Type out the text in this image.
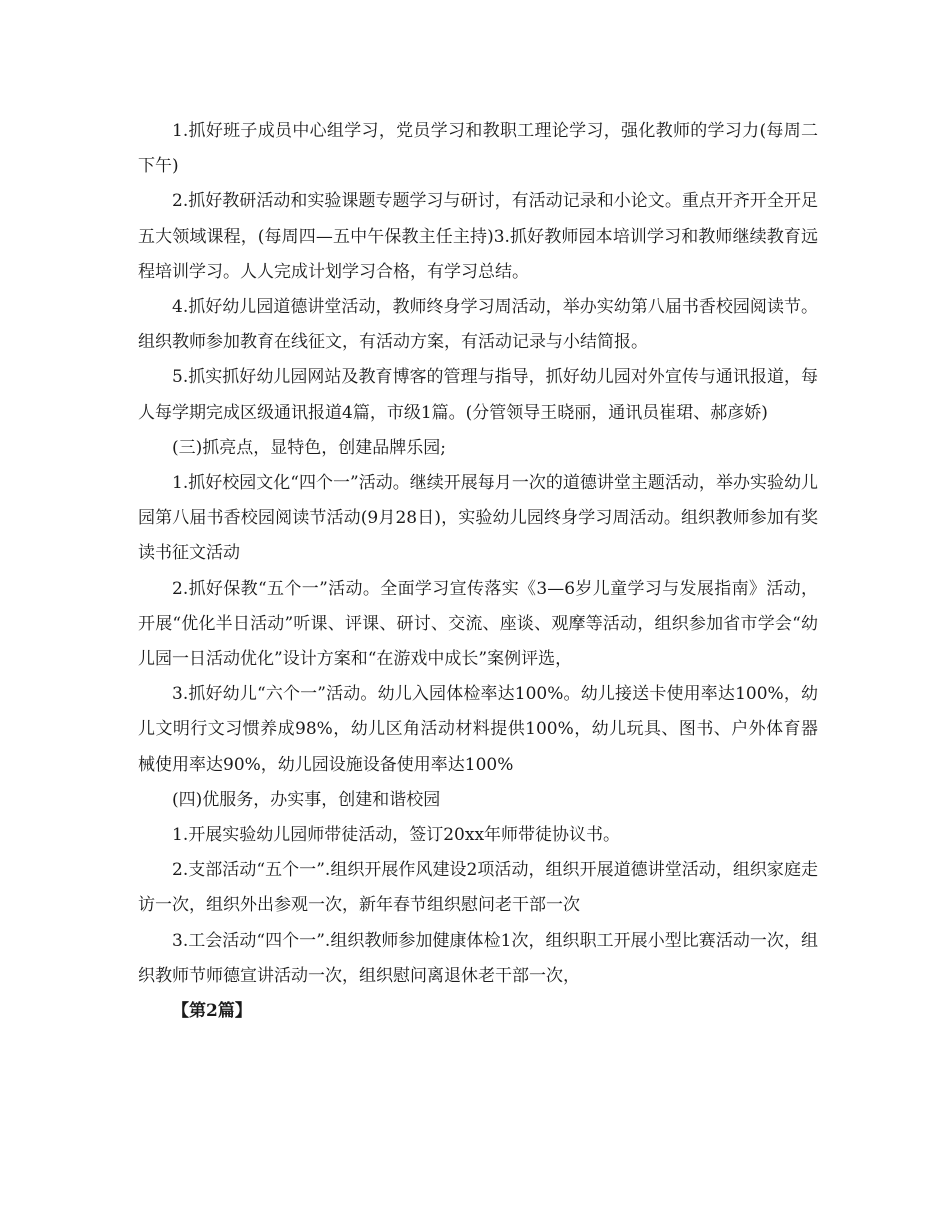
1.抓好班子成员中心组学习，党员学习和教职工理论学习，强化教师的学习力(每周二下午)

2.抓好教研活动和实验课题专题学习与研讨，有活动记录和小论文。重点开齐开全开足五大领域课程，(每周四—五中午保教主任主持)3.抓好教师园本培训学习和教师继续教育远程培训学习。人人完成计划学习合格，有学习总结。

4.抓好幼儿园道德讲堂活动，教师终身学习周活动，举办实幼第八届书香校园阅读节。组织教师参加教育在线征文，有活动方案，有活动记录与小结简报。

5.抓实抓好幼儿园网站及教育博客的管理与指导，抓好幼儿园对外宣传与通讯报道，每人每学期完成区级通讯报道4篇，市级1篇。(分管领导王晓丽，通讯员崔珺、郝彦娇)

(三)抓亮点，显特色，创建品牌乐园;

1.抓好校园文化“四个一”活动。继续开展每月一次的道德讲堂主题活动，举办实验幼儿园第八届书香校园阅读节活动(9月28日)，实验幼儿园终身学习周活动。组织教师参加有奖读书征文活动

2.抓好保教“五个一”活动。全面学习宣传落实《3—6岁儿童学习与发展指南》活动，开展“优化半日活动”听课、评课、研讨、交流、座谈、观摩等活动，组织参加省市学会“幼儿园一日活动优化”设计方案和“在游戏中成长”案例评选，

3.抓好幼儿“六个一”活动。幼儿入园体检率达100%。幼儿接送卡使用率达100%，幼儿文明行文习惯养成98%，幼儿区角活动材料提供100%，幼儿玩具、图书、户外体育器械使用率达90%，幼儿园设施设备使用率达100%

(四)优服务，办实事，创建和谐校园

1.开展实验幼儿园师带徒活动，签订20xx年师带徒协议书。

2.支部活动“五个一”.组织开展作风建设2项活动，组织开展道德讲堂活动，组织家庭走访一次，组织外出参观一次，新年春节组织慰问老干部一次

3.工会活动“四个一”.组织教师参加健康体检1次，组织职工开展小型比赛活动一次，组织教师节师德宣讲活动一次，组织慰问离退休老干部一次，

【第2篇】
